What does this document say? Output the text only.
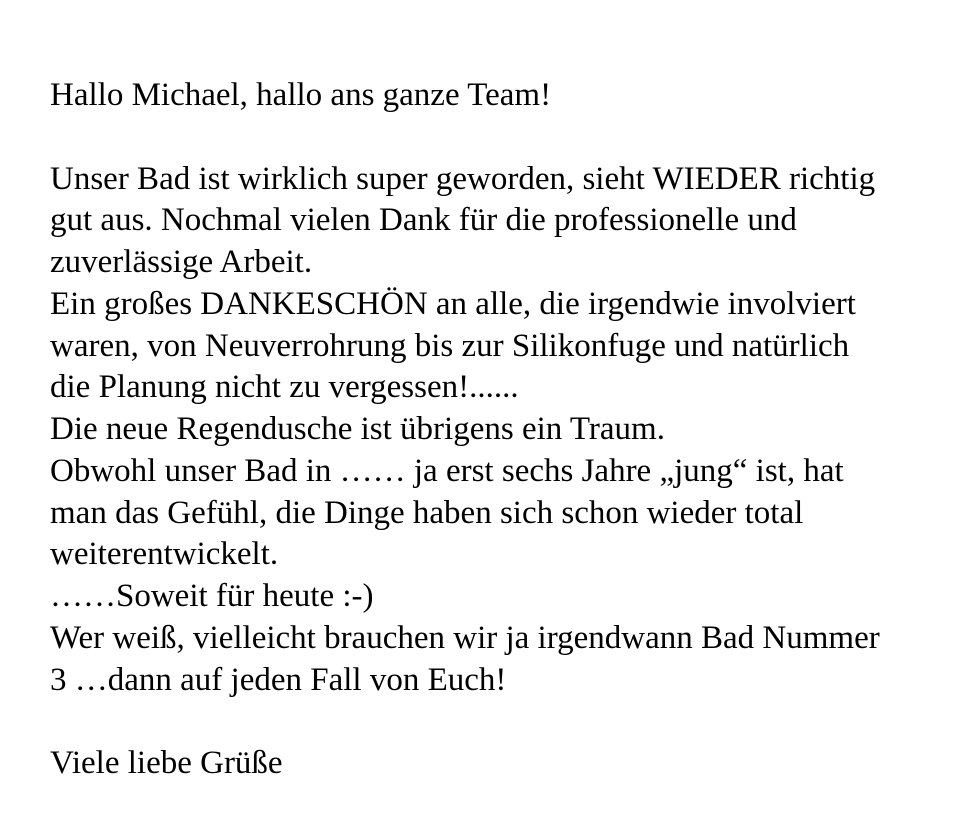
Hallo Michael, hallo ans ganze Team!
Unser Bad ist wirklich super geworden, sieht WIEDER richtig
gut aus. Nochmal vielen Dank für die professionelle und
zuverlässige Arbeit.
Ein großes DANKESCHÖN an alle, die irgendwie involviert
waren, von Neuverrohrung bis zur Silikonfuge und natürlich
die Planung nicht zu vergessen!......
Die neue Regendusche ist übrigens ein Traum.
Obwohl unser Bad in …… ja erst sechs Jahre „jung“ ist, hat
man das Gefühl, die Dinge haben sich schon wieder total
weiterentwickelt.
……Soweit für heute :-)
Wer weiß, vielleicht brauchen wir ja irgendwann Bad Nummer
3 …dann auf jeden Fall von Euch!
Viele liebe Grüße
